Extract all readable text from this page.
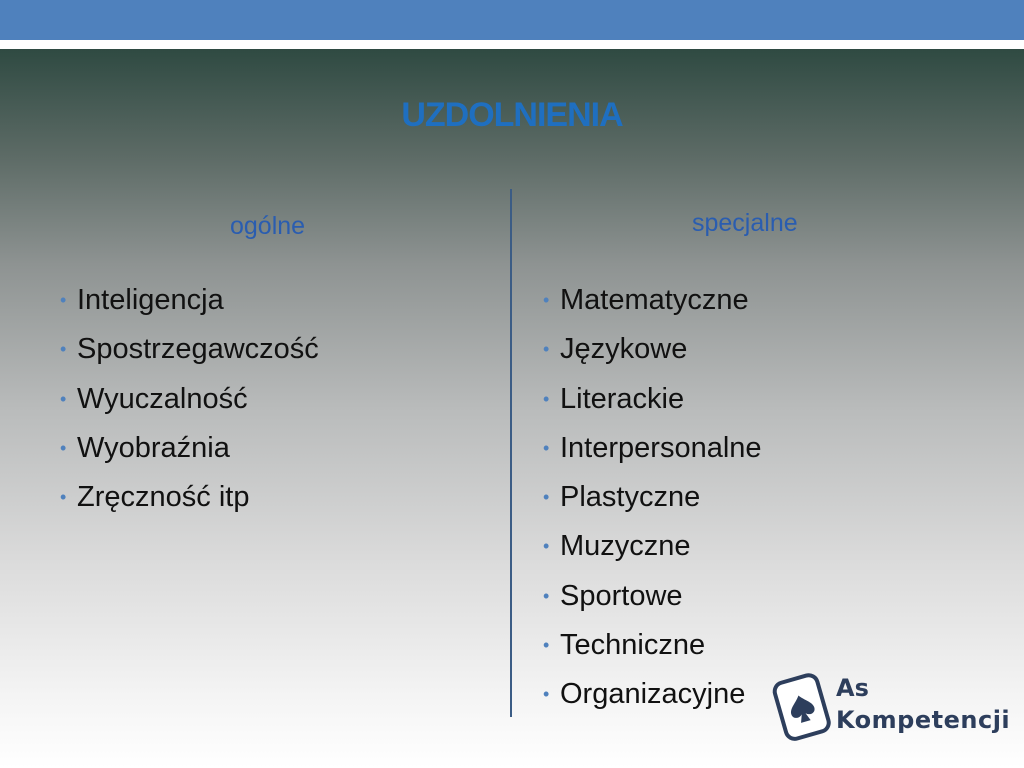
UZDOLNIENIA
ogólne	specjalne
• Inteligencja
• Spostrzegawczość
• Wyuczalność
• Wyobraźnia
• Zręczność itp
• Matematyczne
• Językowe
• Literackie
• Interpersonalne
• Plastyczne
• Muzyczne
• Sportowe
• Techniczne
• Organizacyjne	As
Kompetencji
